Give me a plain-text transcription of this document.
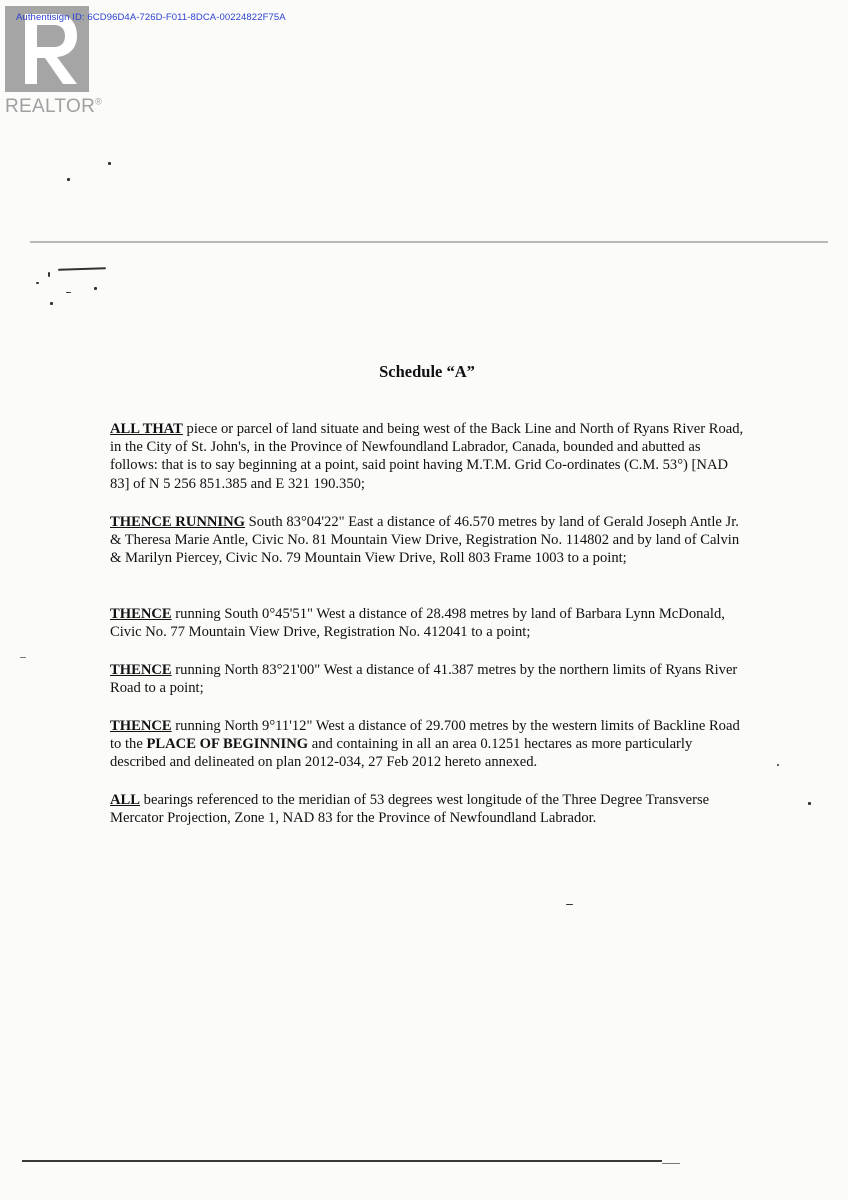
Authentisign ID: 6CD96D4A-726D-F011-8DCA-00224822F75A
REALTOR®
Schedule “A”

ALL THAT piece or parcel of land situate and being west of the Back Line and North of Ryans River Road, in the City of St. John's, in the Province of Newfoundland Labrador, Canada, bounded and abutted as follows: that is to say beginning at a point, said point having M.T.M. Grid Co-ordinates (C.M. 53°) [NAD 83] of N 5 256 851.385 and E 321 190.350;

THENCE RUNNING South 83°04'22" East a distance of 46.570 metres by land of Gerald Joseph Antle Jr. & Theresa Marie Antle, Civic No. 81 Mountain View Drive, Registration No. 114802 and by land of Calvin & Marilyn Piercey, Civic No. 79 Mountain View Drive, Roll 803 Frame 1003 to a point;

THENCE running South 0°45'51" West a distance of 28.498 metres by land of Barbara Lynn McDonald, Civic No. 77 Mountain View Drive, Registration No. 412041 to a point;

THENCE running North 83°21'00" West a distance of 41.387 metres by the northern limits of Ryans River Road to a point;

THENCE running North 9°11'12" West a distance of 29.700 metres by the western limits of Backline Road to the PLACE OF BEGINNING and containing in all an area 0.1251 hectares as more particularly described and delineated on plan 2012-034, 27 Feb 2012 hereto annexed.

ALL bearings referenced to the meridian of 53 degrees west longitude of the Three Degree Transverse Mercator Projection, Zone 1, NAD 83 for the Province of Newfoundland Labrador.
